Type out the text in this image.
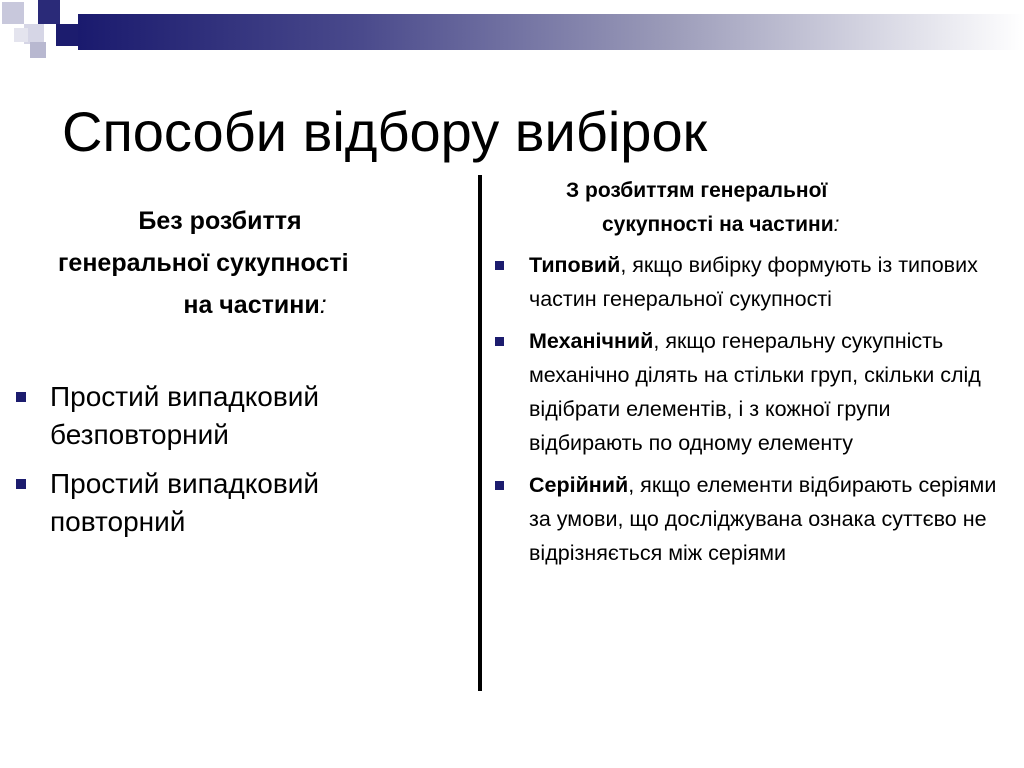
Способи відбору вибірок
Без розбиття
генеральної сукупності
на частини:
Простий випадковий
безповторний
Простий випадковий
повторний
З розбиттям генеральної
сукупності на частини:
Типовий, якщо вибірку формують із типових частин генеральної сукупності
Механічний, якщо генеральну сукупність механічно ділять на стільки груп, скільки слід відібрати елементів, і з кожної групи відбирають по одному елементу
Серійний, якщо елементи відбирають серіями за умови, що досліджувана ознака суттєво не відрізняється між серіями
